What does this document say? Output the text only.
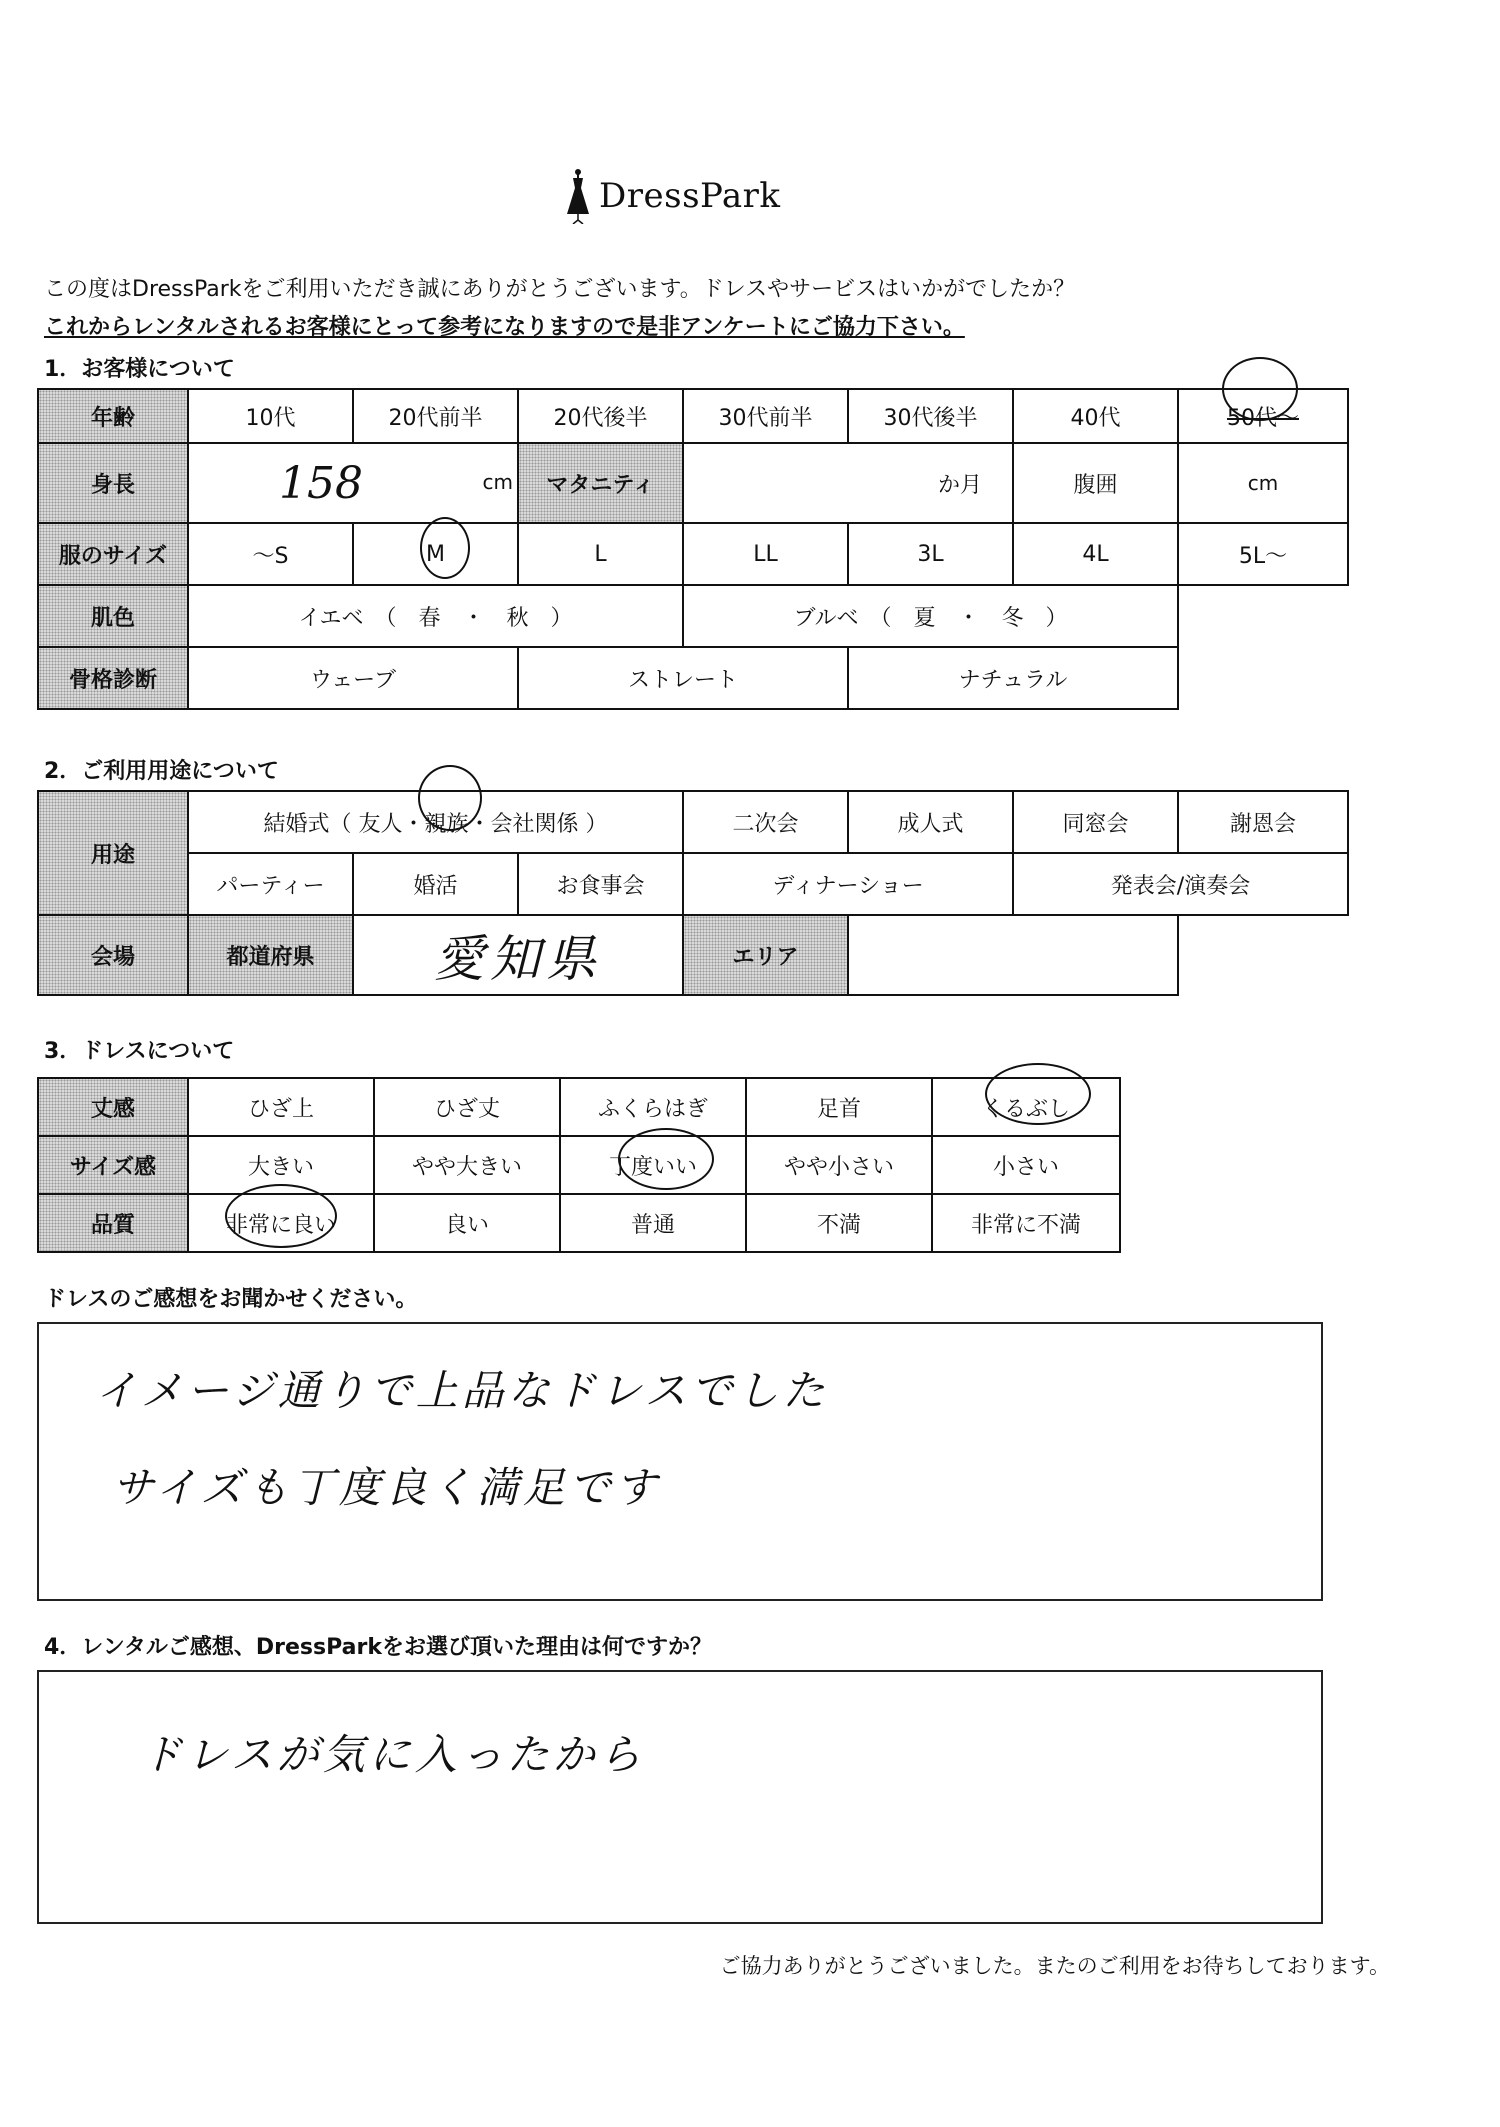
DressPark
この度はDressParkをご利用いただき誠にありがとうございます。ドレスやサービスはいかがでしたか？
これからレンタルされるお客様にとって参考になりますので是非アンケートにご協力下さい。
1．お客様について
年齢	10代	20代前半	20代後半	30代前半	30代後半	40代	50代～
身長	158 cm		マタニティ	か月		腹囲	cm
服のサイズ	～S	M	L	LL	3L	4L	5L～
肌色	イエベ　（　春　・　秋　）			ブルベ　（　夏　・　冬　）			
骨格診断	ウェーブ		ストレート		ナチュラル		
2．ご利用用途について
用途	結婚式（ 友人・親族・会社関係 ）			二次会	成人式	同窓会	謝恩会
	パーティー	婚活	お食事会	ディナーショー		発表会/演奏会	
会場	都道府県	愛知県		エリア			
3．ドレスについて
丈感	ひざ上	ひざ丈	ふくらはぎ	足首	くるぶし
サイズ感	大きい	やや大きい	丁度いい	やや小さい	小さい
品質	非常に良い	良い	普通	不満	非常に不満
ドレスのご感想をお聞かせください。
イメージ通りで上品なドレスでした
サイズも丁度良く満足です
4．レンタルご感想、DressParkをお選び頂いた理由は何ですか？
ドレスが気に入ったから
ご協力ありがとうございました。またのご利用をお待ちしております。
